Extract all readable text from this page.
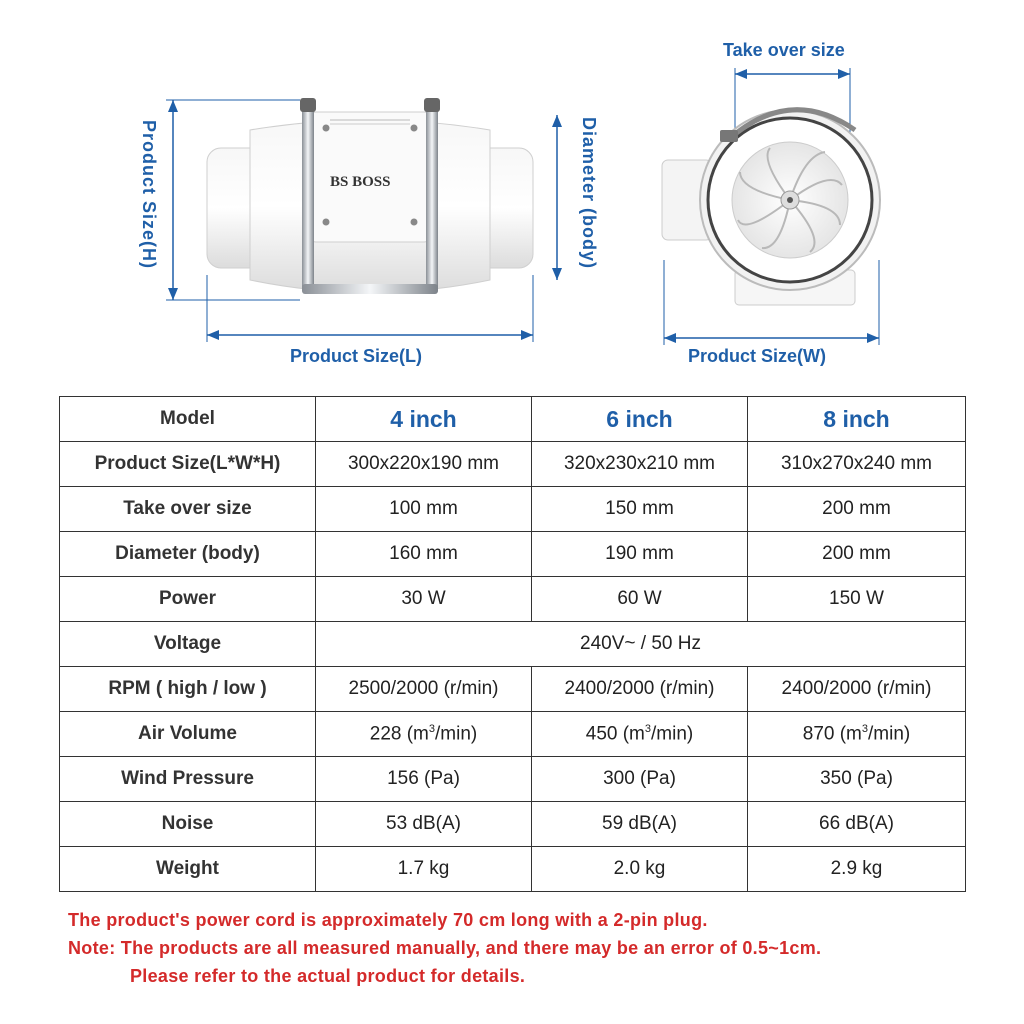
BS BOSS
Product Size(H)	Diameter (body)
Product Size(L)
Take over size
Product Size(W)
Model	4 inch	6 inch	8 inch
Product Size(L*W*H)	300x220x190 mm	320x230x210 mm	310x270x240 mm
Take over size	100 mm	150 mm	200 mm
Diameter (body)	160 mm	190 mm	200 mm
Power	30 W	60 W	150 W
Voltage	240V~ / 50 Hz		
RPM ( high / low )	2500/2000 (r/min)	2400/2000 (r/min)	2400/2000 (r/min)
Air Volume	228 $(m^3/\min)$	450 $(m^3/\min)$	870 $(m^3/\min)$
Wind Pressure	156 (Pa)	300 (Pa)	350 (Pa)
Noise	53 dB(A)	59 dB(A)	66 dB(A)
Weight	1.7 kg	2.0 kg	2.9 kg
The product's power cord is approximately 70 cm long with a 2-pin plug.
Note: The products are all measured manually, and there may be an error of 0.5~1cm.
Please refer to the actual product for details.
